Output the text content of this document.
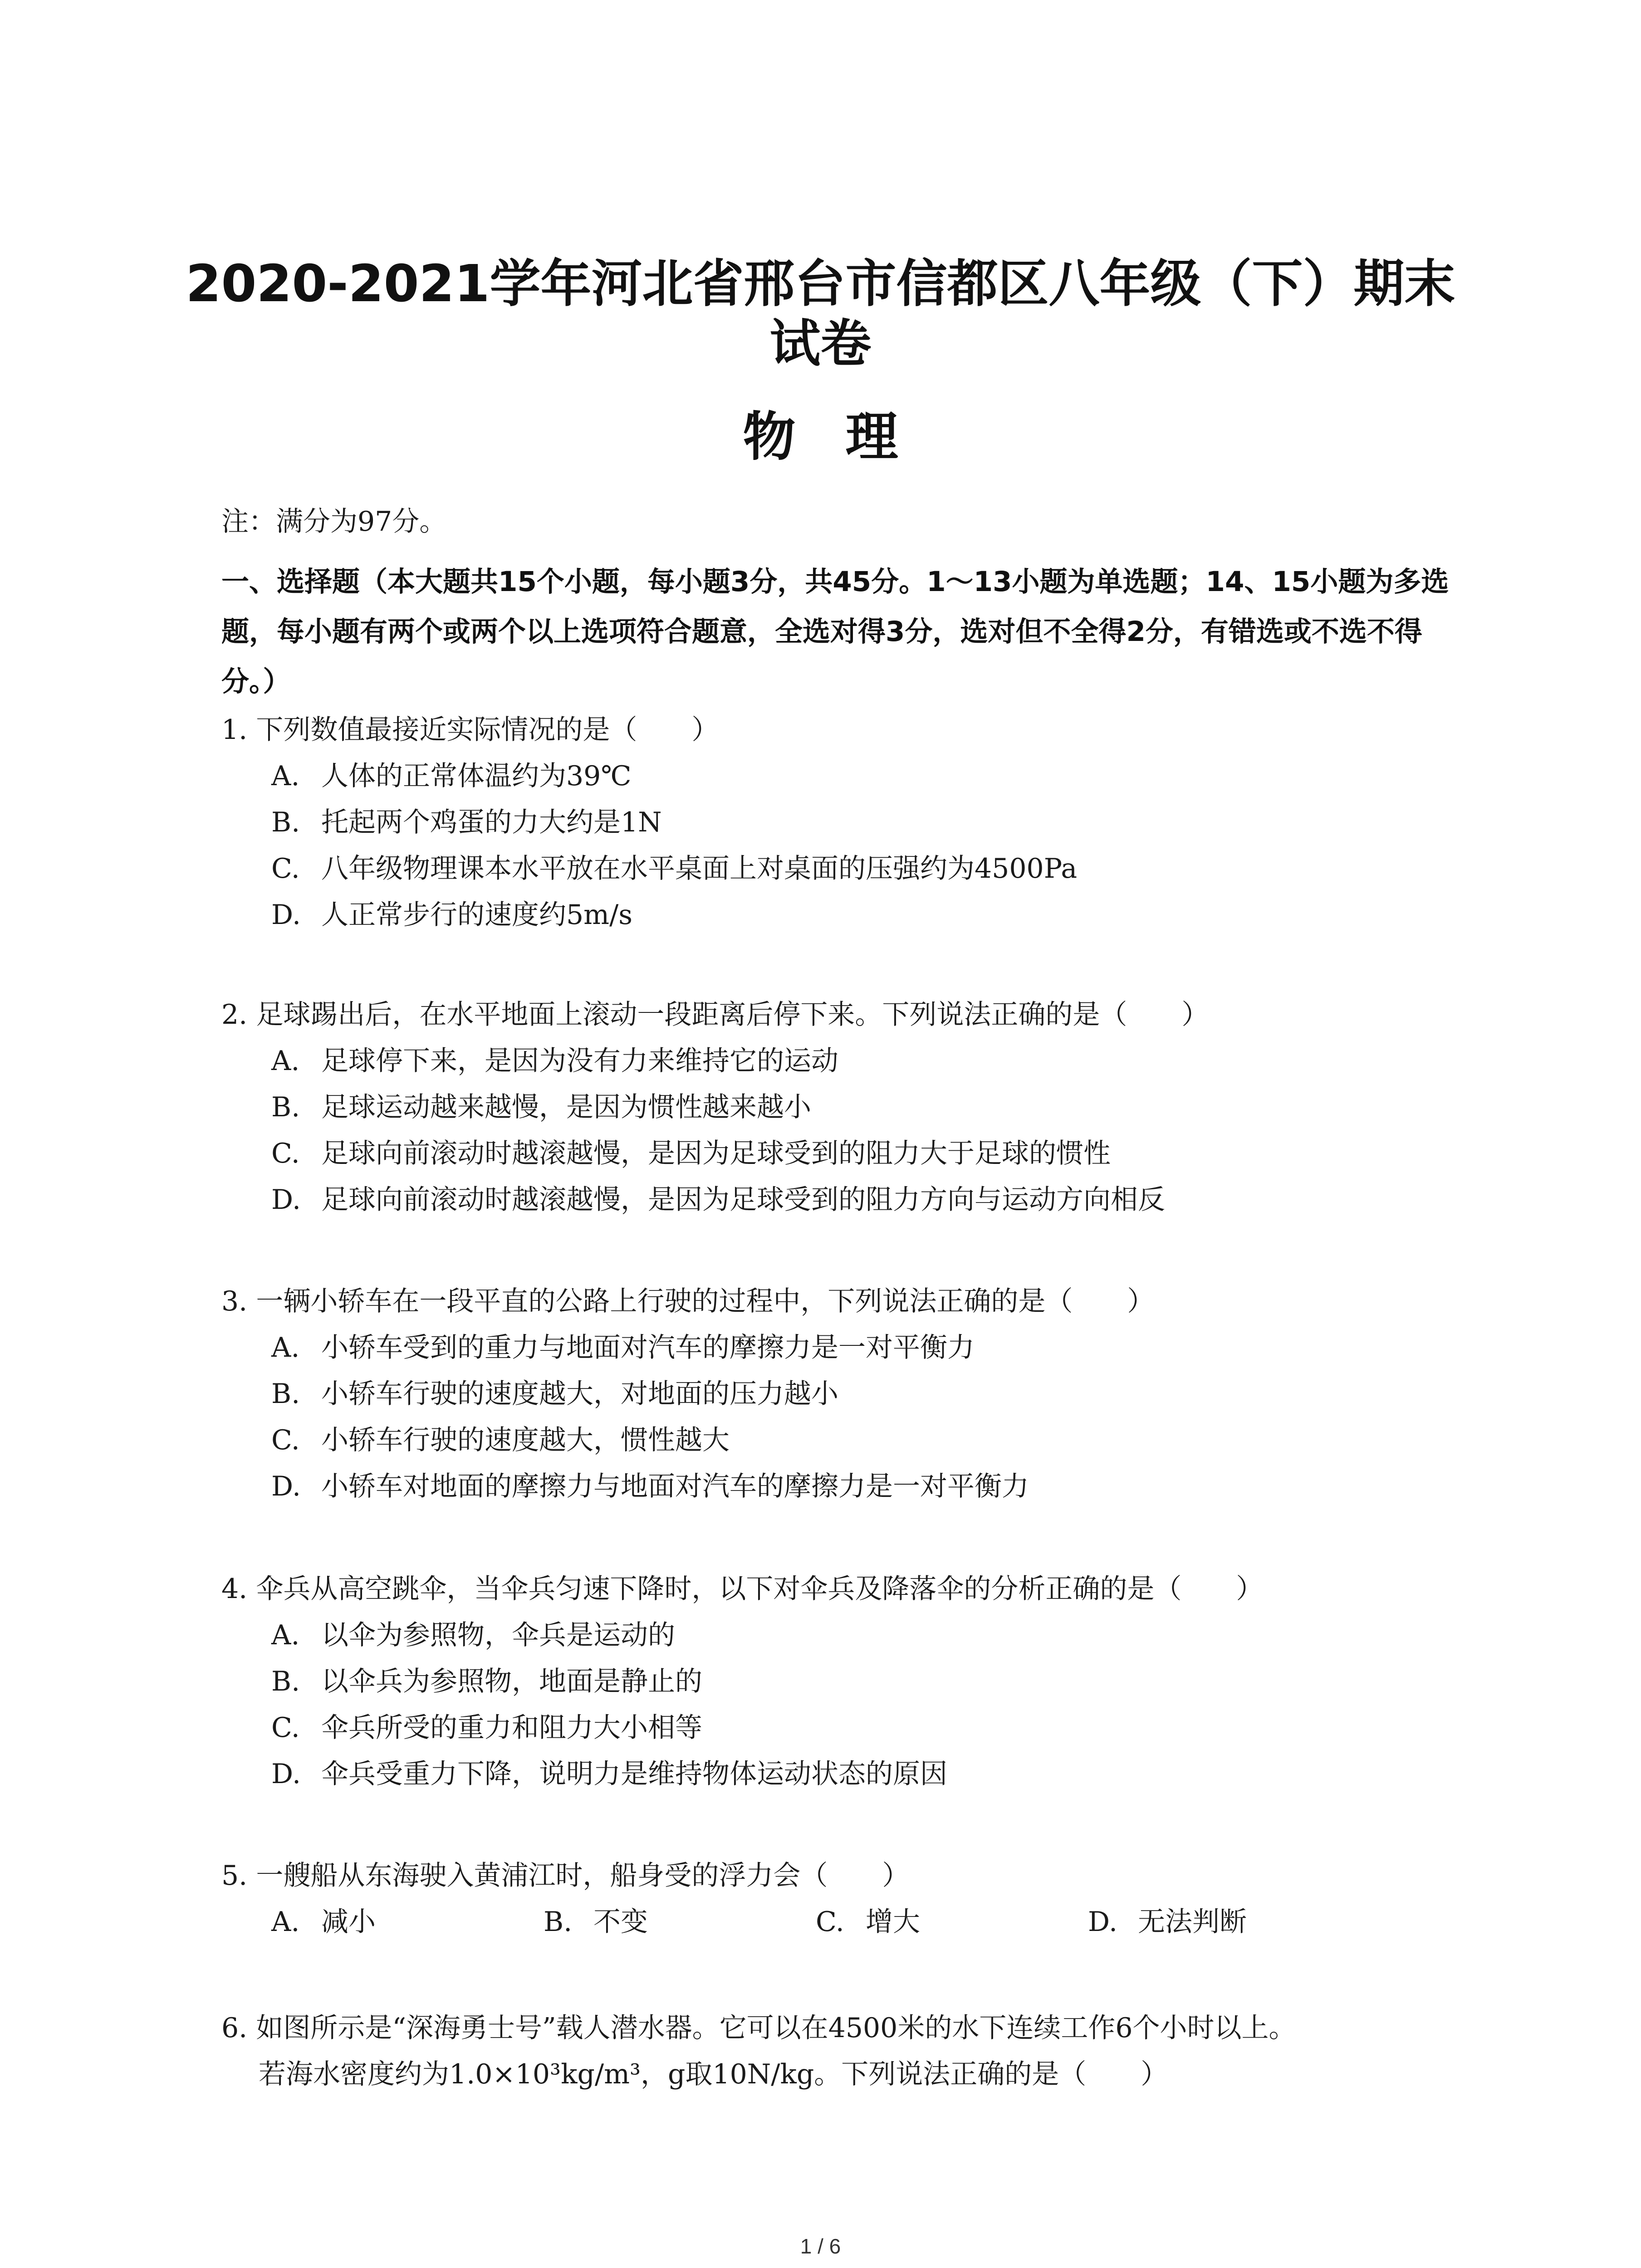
2020-2021学年河北省邢台市信都区八年级（下）期末
试卷
物理
注：满分为97分。
一、选择题（本大题共15个小题，每小题3分，共45分。1～13小题为单选题；14、15小题为多选题，每小题有两个或两个以上选项符合题意，全选对得3分，选对但不全得2分，有错选或不选不得分。）
1. 下列数值最接近实际情况的是（　　）
A. 人体的正常体温约为39℃
B. 托起两个鸡蛋的力大约是1N
C. 八年级物理课本水平放在水平桌面上对桌面的压强约为4500Pa
D. 人正常步行的速度约5m/s
2. 足球踢出后，在水平地面上滚动一段距离后停下来。下列说法正确的是（　　）
A. 足球停下来，是因为没有力来维持它的运动
B. 足球运动越来越慢，是因为惯性越来越小
C. 足球向前滚动时越滚越慢，是因为足球受到的阻力大于足球的惯性
D. 足球向前滚动时越滚越慢，是因为足球受到的阻力方向与运动方向相反
3. 一辆小轿车在一段平直的公路上行驶的过程中，下列说法正确的是（　　）
A. 小轿车受到的重力与地面对汽车的摩擦力是一对平衡力
B. 小轿车行驶的速度越大，对地面的压力越小
C. 小轿车行驶的速度越大，惯性越大
D. 小轿车对地面的摩擦力与地面对汽车的摩擦力是一对平衡力
4. 伞兵从高空跳伞，当伞兵匀速下降时，以下对伞兵及降落伞的分析正确的是（　　）
A. 以伞为参照物，伞兵是运动的
B. 以伞兵为参照物，地面是静止的
C. 伞兵所受的重力和阻力大小相等
D. 伞兵受重力下降，说明力是维持物体运动状态的原因
5. 一艘船从东海驶入黄浦江时，船身受的浮力会（　　）
A. 减小	B. 不变	C. 增大	D. 无法判断
6. 如图所示是“深海勇士号”载人潜水器。它可以在4500米的水下连续工作6个小时以上。
若海水密度约为1.0×10³kg/m³，g取10N/kg。下列说法正确的是（　　）
1 / 6
